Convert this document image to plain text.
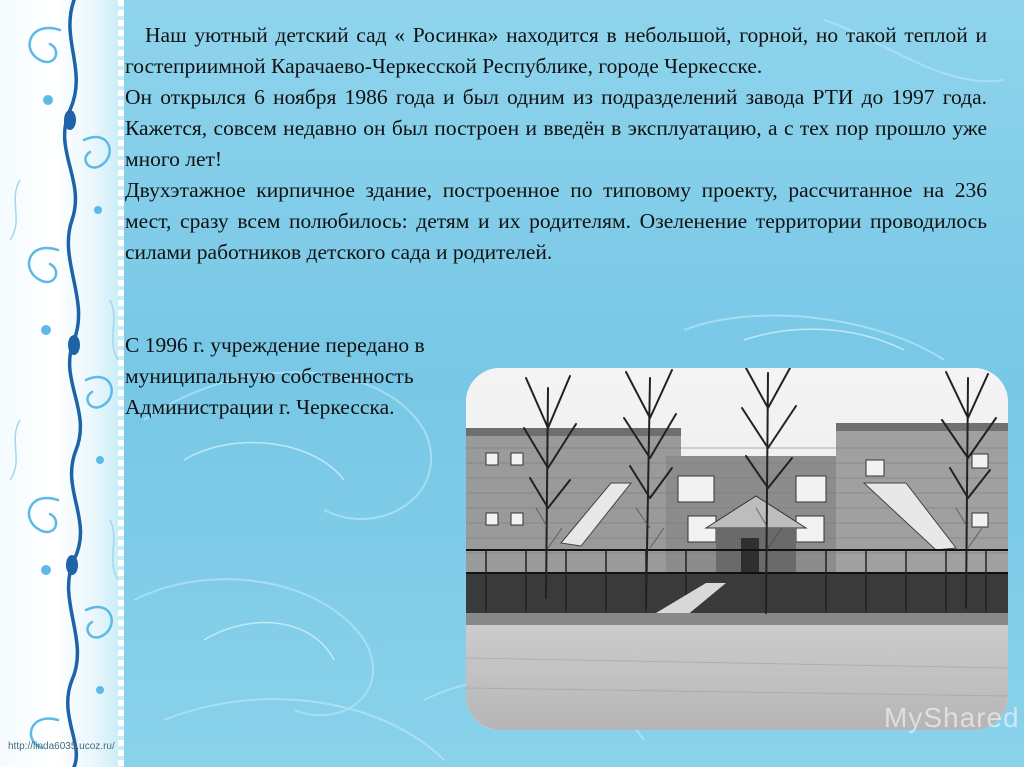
Наш уютный детский сад « Росинка» находится в небольшой, горной, но такой теплой и гостеприимной Карачаево-Черкесской Республике, городе Черкесске.

Он открылся 6 ноября 1986 года и был одним из подразделений завода РТИ до 1997 года. Кажется, совсем недавно он был построен и введён в эксплуатацию, а с тех пор прошло уже много лет!

Двухэтажное кирпичное здание, построенное по типовому проекту, рассчитанное на 236 мест, сразу всем полюбилось: детям и их родителям. Озеленение территории проводилось силами работников детского сада и родителей.

С 1996 г. учреждение передано в
муниципальную собственность
Администрации г. Черкесска.
MyShared
http://linda6035.ucoz.ru/
